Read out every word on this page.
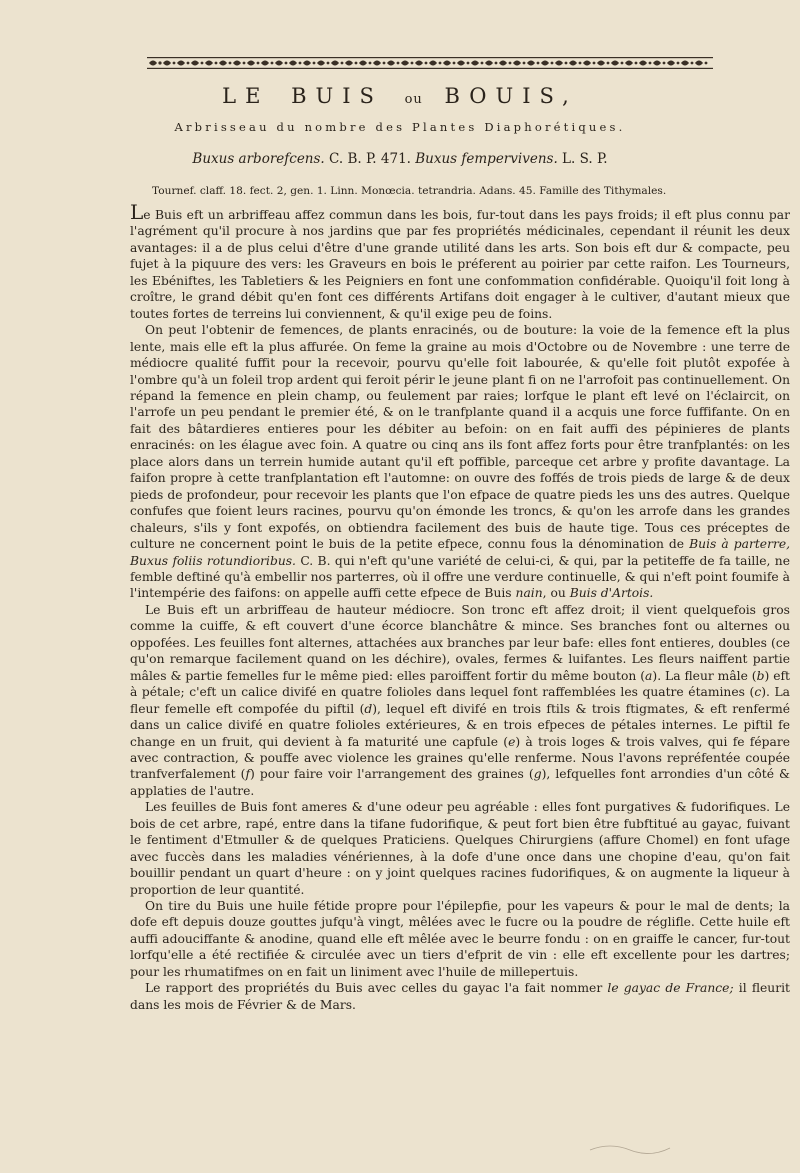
LE BUIS ou BOUIS,
Arbrisseau du nombre des Plantes Diaphorétiques.
Buxus arborefcens. C. B. P. 471. Buxus fempervivens. L. S. P.
Tournef. claff. 18. fect. 2, gen. 1. Linn. Monœcia. tetrandria. Adans. 45. Famille des Tithymales.

Le Buis eft un arbriffeau affez commun dans les bois, fur-tout dans les pays froids; il eft plus connu par l'agrément qu'il procure à nos jardins que par fes propriétés médicinales, cependant il réunit les deux avantages: il a de plus celui d'être d'une grande utilité dans les arts. Son bois eft dur & compacte, peu fujet à la piquure des vers: les Graveurs en bois le préferent au poirier par cette raifon. Les Tourneurs, les Ebéniftes, les Tabletiers & les Peigniers en font une confommation confidérable. Quoiqu'il foit long à croître, le grand débit qu'en font ces différents Artifans doit engager à le cultiver, d'autant mieux que toutes fortes de terreins lui conviennent, & qu'il exige peu de foins.

On peut l'obtenir de femences, de plants enracinés, ou de bouture: la voie de la femence eft la plus lente, mais elle eft la plus affurée. On feme la graine au mois d'Octobre ou de Novembre : une terre de médiocre qualité fuffit pour la recevoir, pourvu qu'elle foit labourée, & qu'elle foit plutôt expofée à l'ombre qu'à un foleil trop ardent qui feroit périr le jeune plant fi on ne l'arrofoit pas continuellement. On répand la femence en plein champ, ou feulement par raies; lorfque le plant eft levé on l'éclaircit, on l'arrofe un peu pendant le premier été, & on le tranfplante quand il a acquis une force fuffifante. On en fait des bâtardieres entieres pour les débiter au befoin: on en fait auffi des pépinieres de plants enracinés: on les élague avec foin. A quatre ou cinq ans ils font affez forts pour être tranfplantés: on les place alors dans un terrein humide autant qu'il eft poffible, parceque cet arbre y profite davantage. La faifon propre à cette tranfplantation eft l'automne: on ouvre des foffés de trois pieds de large & de deux pieds de profondeur, pour recevoir les plants que l'on efpace de quatre pieds les uns des autres. Quelque confufes que foient leurs racines, pourvu qu'on émonde les troncs, & qu'on les arrofe dans les grandes chaleurs, s'ils y font expofés, on obtiendra facilement des buis de haute tige. Tous ces préceptes de culture ne concernent point le buis de la petite efpece, connu fous la dénomination de Buis à parterre, Buxus foliis rotundioribus. C. B. qui n'eft qu'une variété de celui-ci, & qui, par la petiteffe de fa taille, ne femble deftiné qu'à embellir nos parterres, où il offre une verdure continuelle, & qui n'eft point foumife à l'intempérie des faifons: on appelle auffi cette efpece de Buis nain, ou Buis d'Artois.

Le Buis eft un arbriffeau de hauteur médiocre. Son tronc eft affez droit; il vient quelquefois gros comme la cuiffe, & eft couvert d'une écorce blanchâtre & mince. Ses branches font ou alternes ou oppofées. Les feuilles font alternes, attachées aux branches par leur bafe: elles font entieres, doubles (ce qu'on remarque facilement quand on les déchire), ovales, fermes & luifantes. Les fleurs naiffent partie mâles & partie femelles fur le même pied: elles paroiffent fortir du même bouton (a). La fleur mâle (b) eft à pétale; c'eft un calice divifé en quatre folioles dans lequel font raffemblées les quatre étamines (c). La fleur femelle eft compofée du piftil (d), lequel eft divifé en trois ftils & trois ftigmates, & eft renfermé dans un calice divifé en quatre folioles extérieures, & en trois efpeces de pétales internes. Le piftil fe change en un fruit, qui devient à fa maturité une capfule (e) à trois loges & trois valves, qui fe fépare avec contraction, & pouffe avec violence les graines qu'elle renferme. Nous l'avons repréfentée coupée tranfverfalement (f) pour faire voir l'arrangement des graines (g), lefquelles font arrondies d'un côté & applaties de l'autre.

Les feuilles de Buis font ameres & d'une odeur peu agréable : elles font purgatives & fudorifiques. Le bois de cet arbre, rapé, entre dans la tifane fudorifique, & peut fort bien être fubftitué au gayac, fuivant le fentiment d'Etmuller & de quelques Praticiens. Quelques Chirurgiens (affure Chomel) en font ufage avec fuccès dans les maladies vénériennes, à la dofe d'une once dans une chopine d'eau, qu'on fait bouillir pendant un quart d'heure : on y joint quelques racines fudorifiques, & on augmente la liqueur à proportion de leur quantité.

On tire du Buis une huile fétide propre pour l'épilepfie, pour les vapeurs & pour le mal de dents; la dofe eft depuis douze gouttes jufqu'à vingt, mêlées avec le fucre ou la poudre de réglifle. Cette huile eft auffi adouciffante & anodine, quand elle eft mêlée avec le beurre fondu : on en graiffe le cancer, fur-tout lorfqu'elle a été rectifiée & circulée avec un tiers d'efprit de vin : elle eft excellente pour les dartres; pour les rhumatifmes on en fait un liniment avec l'huile de millepertuis.

Le rapport des propriétés du Buis avec celles du gayac l'a fait nommer le gayac de France; il fleurit dans les mois de Février & de Mars.
